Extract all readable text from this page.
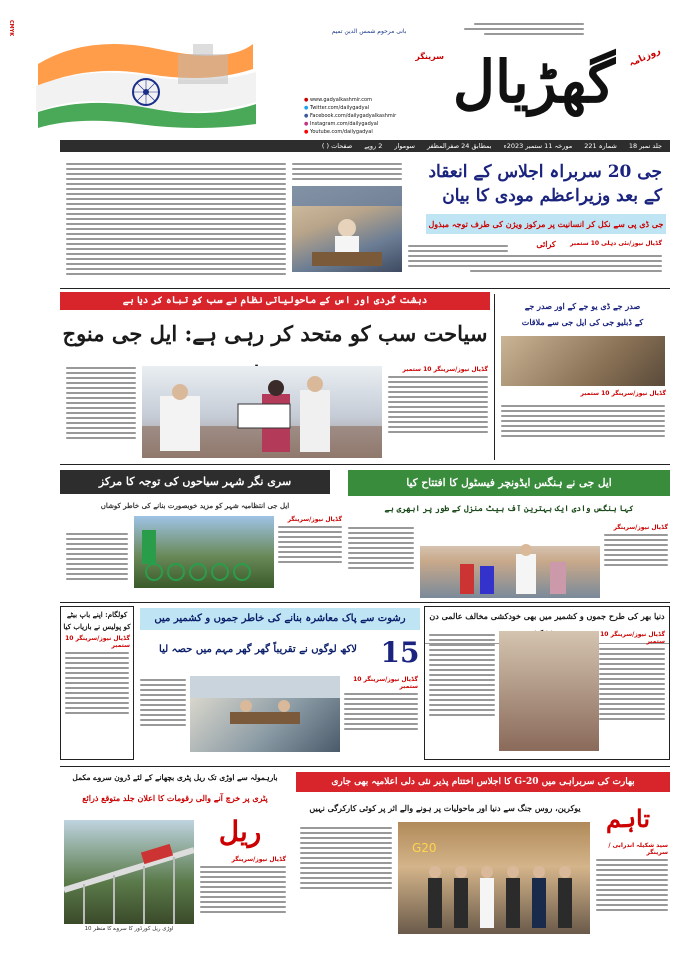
CMYK
● www.gadyalkashmir.com
● Twitter.com/dailygadyal
● Facebook.com/dailygadyalkashmir
● Instagram.com/dailygadyal
● Youtube.com/dailygadyal
بانی مرحوم شمس الدین تمیم
سرینگر گھڑیال	روزنامہ
جلد نمبر 18
شمارہ 221
مورخہ 11 ستمبر 2023ء
بمطابق 24 صفرالمظفر
سوموار
2 روپے
صفحات ( )
جی 20 سربراہ اجلاس کے انعقاد
کے بعد وزیراعظم مودی کا بیان
جی ڈی پی سے نکل کر انسانیت پر مرکوز ویژن کی طرف توجہ مبذول کرائی	گڈیال نیوز/نئی دہلی 10 ستمبر
دہشت گردی اور اس کے ماحولیاتی نظام نے سب کو تباہ کر دیا ہے
سیاحت سب کو متحد کر رہی ہے: ایل جی منوج
گڈیال نیوز/سرینگر 10 ستمبر
صدر جے ڈی یو جے کے اور صدر جے
کے ڈبلیو جی کی ایل جی سے ملاقات
گڈیال نیوز/سرینگر 10 ستمبر
سری نگر شہر سیاحوں کی توجہ کا مرکز
ایل جی انتظامیہ شہر کو مزید خوبصورت بنانے کی خاطر کوشاں
گڈیال نیوز/سرینگر
ایل جی نے ہنگس ایڈونچر فیسٹول کا افتتاح کیا
کہا ہنگس وادی ایک بہترین آف بیٹ منزل کے طور پر ابھری ہے
گڈیال نیوز/سرینگر
کولگام: اپنے باپ بیٹے کو پولیس نے بازیاب کیا
گڈیال نیوز/سرینگر 10 ستمبر
رشوت سے پاک معاشرہ بنانے کی خاطر جموں و کشمیر میں
15
لاکھ لوگوں نے تقریباً گھر گھر مہم میں حصہ لیا
گڈیال نیوز/سرینگر 10 ستمبر
دنیا بھر کی طرح جموں و کشمیر میں بھی خودکشی مخالف عالمی دن
گڈیال نیوز/سرینگر 10 ستمبر
بارہمولہ سے اوڑی تک ریل پٹری بچھانے کے لئے ڈرون سروے مکمل
پٹری پر خرچ آنے والی رقومات کا اعلان جلد متوقع ذرائع
ریل
اوڑی ریل کورڈور کا سروے کا منظر 10
گڈیال نیوز/سرینگر
بھارت کی سربراہی میں G-20 کا اجلاس اختتام پذیر نئی دلی اعلامیہ بھی جاری
تاہم
یوکرین، روس جنگ سے دنیا اور ماحولیات پر ہونے والے اثر پر کوئی کارکرگی نہیں
سید شکیلہ اندرابی / سرینگر
G20
